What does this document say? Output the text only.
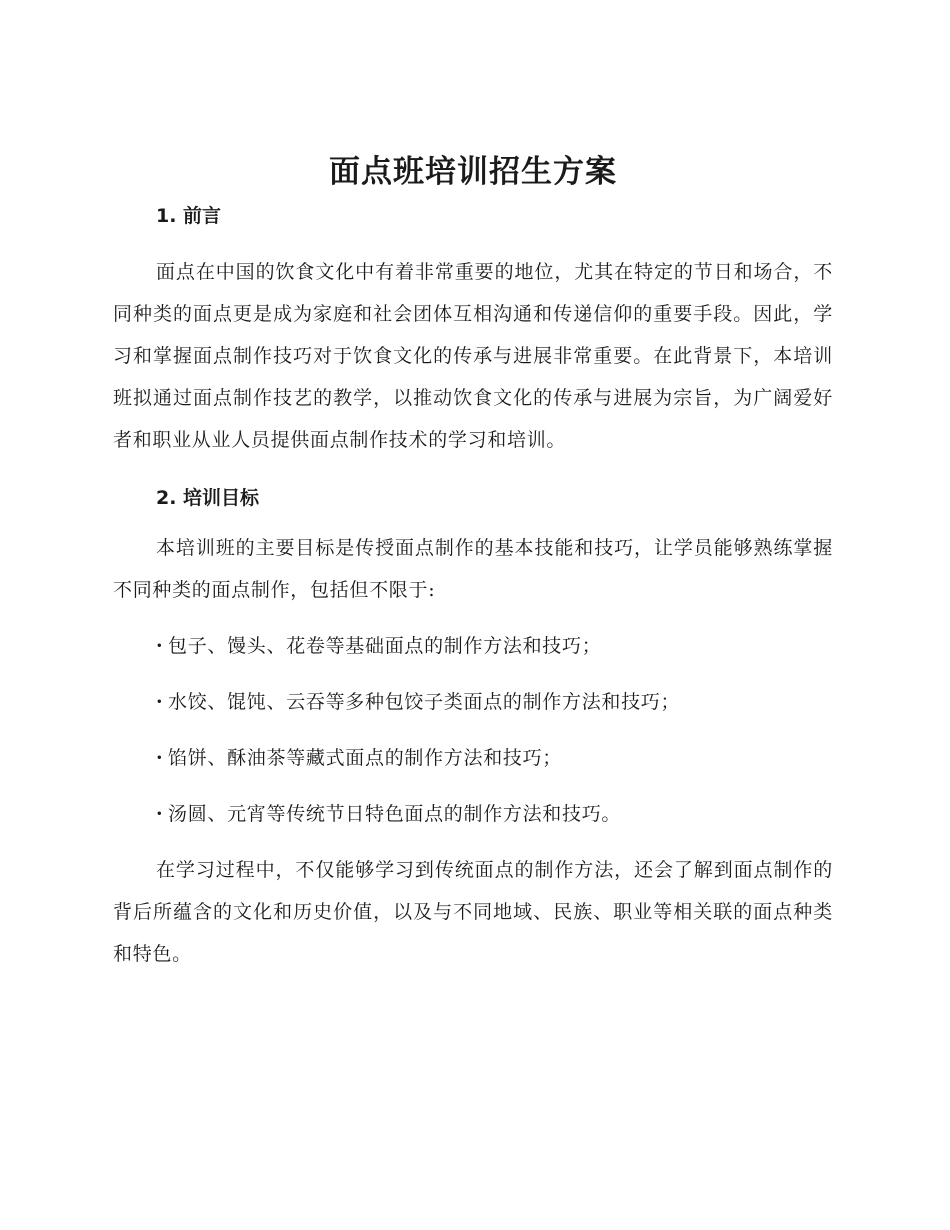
面点班培训招生方案
1. 前言

面点在中国的饮食文化中有着非常重要的地位，尤其在特定的节日和场合，不同种类的面点更是成为家庭和社会团体互相沟通和传递信仰的重要手段。因此，学习和掌握面点制作技巧对于饮食文化的传承与进展非常重要。在此背景下，本培训班拟通过面点制作技艺的教学，以推动饮食文化的传承与进展为宗旨，为广阔爱好者和职业从业人员提供面点制作技术的学习和培训。

2. 培训目标

本培训班的主要目标是传授面点制作的基本技能和技巧，让学员能够熟练掌握不同种类的面点制作，包括但不限于:

· 包子、馒头、花卷等基础面点的制作方法和技巧；
· 水饺、馄饨、云吞等多种包饺子类面点的制作方法和技巧；
· 馅饼、酥油茶等藏式面点的制作方法和技巧；
· 汤圆、元宵等传统节日特色面点的制作方法和技巧。

在学习过程中，不仅能够学习到传统面点的制作方法，还会了解到面点制作的背后所蕴含的文化和历史价值，以及与不同地域、民族、职业等相关联的面点种类和特色。
